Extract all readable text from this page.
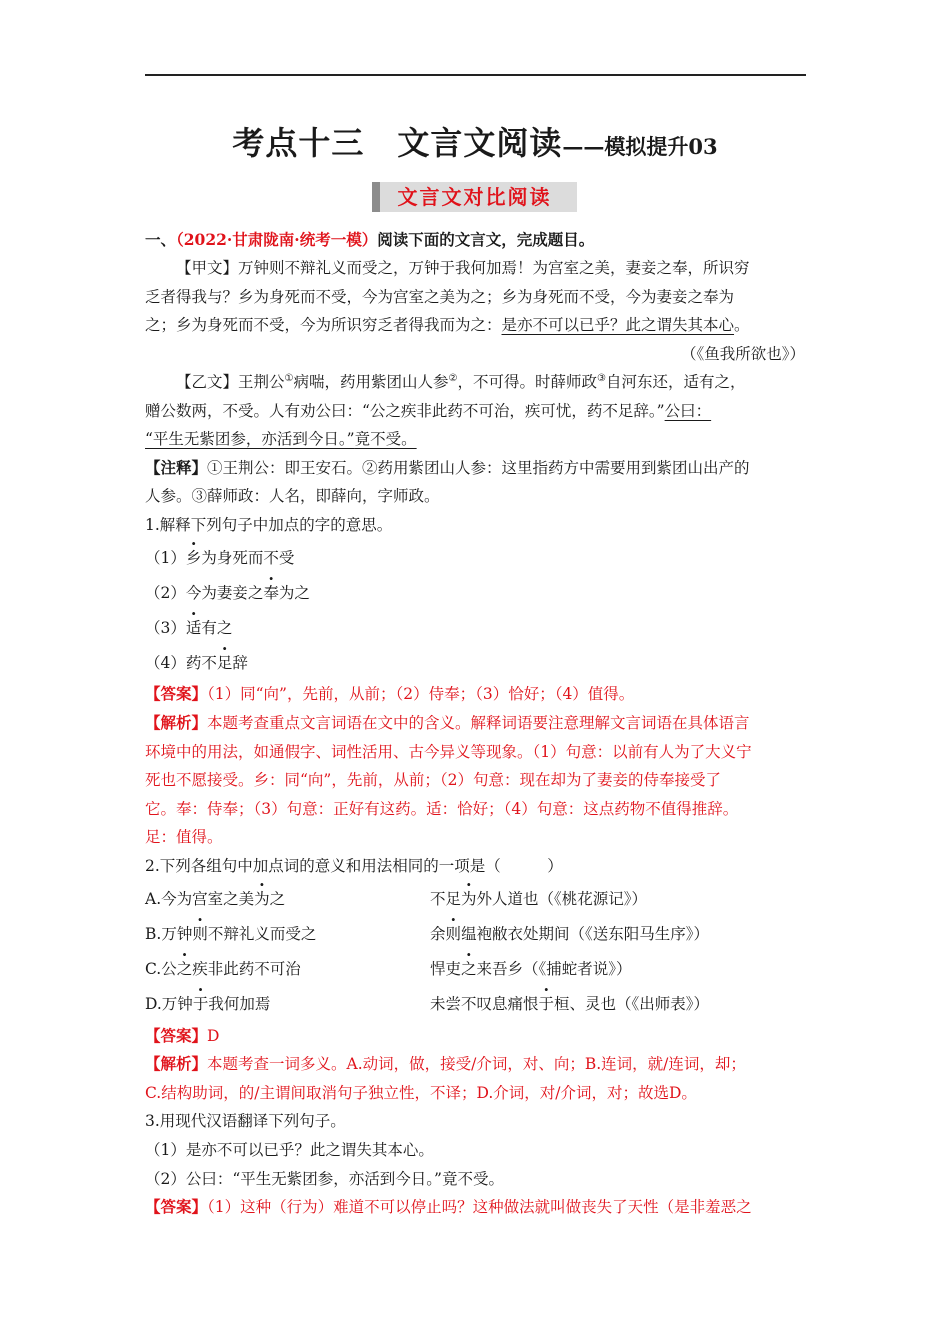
考点十三　文言文阅读——模拟提升03
文言文对比阅读
一、（2022·甘肃陇南·统考一模）阅读下面的文言文，完成题目。
【甲文】万钟则不辩礼义而受之，万钟于我何加焉！为宫室之美，妻妾之奉，所识穷
乏者得我与？乡为身死而不受，今为宫室之美为之；乡为身死而不受，今为妻妾之奉为
之；乡为身死而不受，今为所识穷乏者得我而为之：是亦不可以已乎？此之谓失其本心。
（《鱼我所欲也》）
【乙文】王荆公①病喘，药用紫团山人参②，不可得。时薛师政③自河东还，适有之，
赠公数两，不受。人有劝公曰：“公之疾非此药不可治，疾可忧，药不足辞。”公曰：
“平生无紫团参，亦活到今日。”竟不受。
【注释】①王荆公：即王安石。②药用紫团山人参：这里指药方中需要用到紫团山出产的
人参。③薛师政：人名，即薛向，字师政。
1.解释下列句子中加点的字的意思。
（1）乡为身死而不受
（2）今为妻妾之奉为之
（3）适有之
（4）药不足辞
【答案】（1）同“向”，先前，从前；（2）侍奉；（3）恰好；（4）值得。
【解析】本题考查重点文言词语在文中的含义。解释词语要注意理解文言词语在具体语言
环境中的用法，如通假字、词性活用、古今异义等现象。（1）句意：以前有人为了大义宁
死也不愿接受。乡：同“向”，先前，从前；（2）句意：现在却为了妻妾的侍奉接受了
它。奉：侍奉；（3）句意：正好有这药。适：恰好；（4）句意：这点药物不值得推辞。
足：值得。
2.下列各组句中加点词的意义和用法相同的一项是（　　　）
A.今为宫室之美为之	不足为外人道也（《桃花源记》）
B.万钟则不辩礼义而受之	余则缊袍敝衣处期间（《送东阳马生序》）
C.公之疾非此药不可治	悍吏之来吾乡（《捕蛇者说》）
D.万钟于我何加焉	未尝不叹息痛恨于桓、灵也（《出师表》）
【答案】D
【解析】本题考查一词多义。A.动词，做，接受/介词，对、向；B.连词，就/连词，却；
C.结构助词，的/主谓间取消句子独立性，不译；D.介词，对/介词，对；故选D。
3.用现代汉语翻译下列句子。
（1）是亦不可以已乎？此之谓失其本心。
（2）公曰：“平生无紫团参，亦活到今日。”竟不受。
【答案】（1）这种（行为）难道不可以停止吗？这种做法就叫做丧失了天性（是非羞恶之
